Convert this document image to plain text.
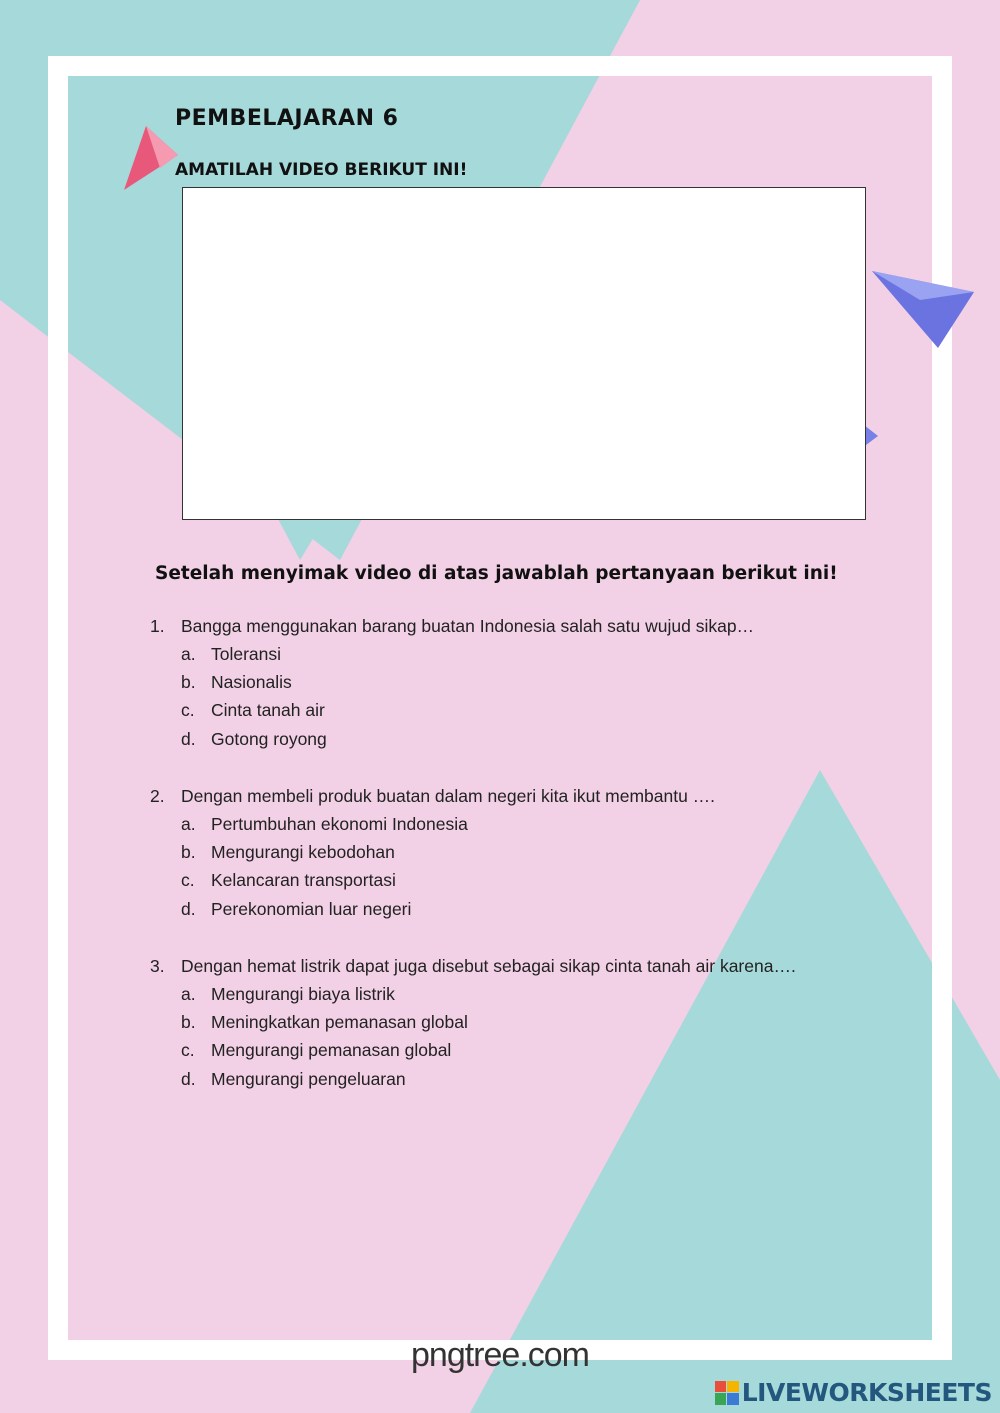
PEMBELAJARAN 6
AMATILAH VIDEO BERIKUT INI!

Setelah menyimak video di atas jawablah pertanyaan berikut ini!

1. Bangga menggunakan barang buatan Indonesia salah satu wujud sikap…
a. Toleransi
b. Nasionalis
c. Cinta tanah air
d. Gotong royong
2. Dengan membeli produk buatan dalam negeri kita ikut membantu ….
a. Pertumbuhan ekonomi Indonesia
b. Mengurangi kebodohan
c. Kelancaran transportasi
d. Perekonomian luar negeri
3. Dengan hemat listrik dapat juga disebut sebagai sikap cinta tanah air karena….
a. Mengurangi biaya listrik
b. Meningkatkan pemanasan global
c. Mengurangi pemanasan global
d. Mengurangi pengeluaran
pngtree.com
LIVEWORKSHEETS
